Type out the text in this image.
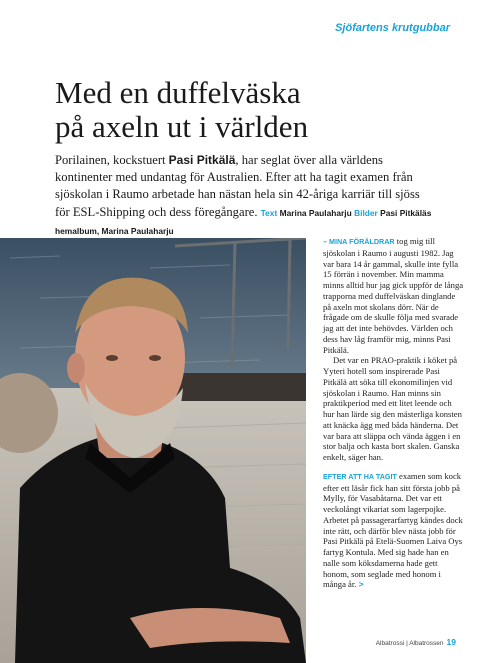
Sjöfartens krutgubbar
Med en duffelväska
på axeln ut i världen

Porilainen, kockstuert Pasi Pitkälä, har seglat över alla världens kontinenter med undantag för Australien. Efter att ha tagit examen från sjöskolan i Raumo arbetade han nästan hela sin 42-åriga karriär till sjöss för ESL-Shipping och dess föregångare. Text Marina Paulaharju Bilder Pasi Pitkäläs hemalbum, Marina Paulaharju

– MINA FÖRÄLDRAR tog mig till sjöskolan i Raumo i augusti 1982. Jag var bara 14 år gammal, skulle inte fylla 15 förrän i november. Min mamma minns alltid hur jag gick uppför de långa trapporna med duffelväskan dinglande på axeln mot skolans dörr. När de frågade om de skulle följa med svarade jag att det inte behövdes. Världen och dess hav låg framför mig, minns Pasi Pitkälä.

Det var en PRAO-praktik i köket på Yyteri hotell som inspirerade Pasi Pitkälä att söka till ekonomilinjen vid sjöskolan i Raumo. Han minns sin praktikperiod med ett litet leende och hur han lärde sig den mästerliga konsten att knäcka ägg med båda händerna. Det var bara att släppa och vända äggen i en stor balja och kasta bort skalen. Ganska enkelt, säger han.

EFTER ATT HA TAGIT examen som kock efter ett läsår fick han sitt första jobb på Mylly, för Vasabåtarna. Det var ett veckolångt vikariat som lagerpojke. Arbetet på passagerarfartyg kändes dock inte rätt, och därför blev nästa jobb för Pasi Pitkälä på Etelä-Suomen Laiva Oys fartyg Kontula. Med sig hade han en nalle som köksdamerna hade gett honom, som seglade med honom i många år. >

Albatrossi | Albatrossen 19
